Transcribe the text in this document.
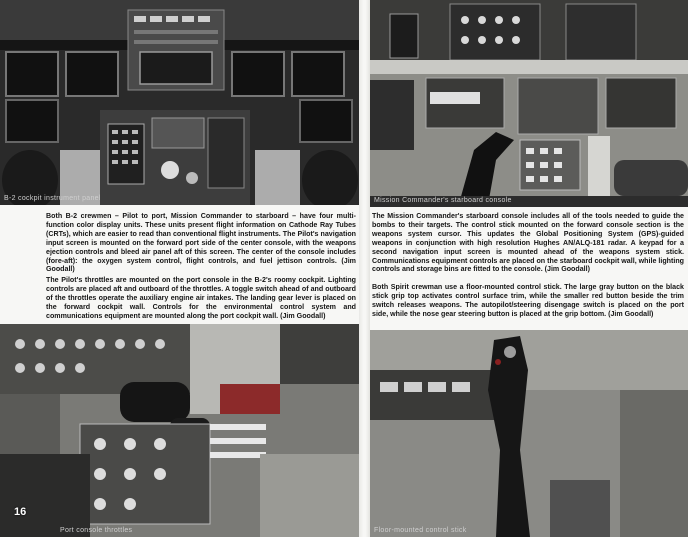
B-2 cockpit instrument panel	Mission Commander's starboard console

Both B-2 crewmen – Pilot to port, Mission Commander to starboard – have four multi-function color display units. These units present flight information on Cathode Ray Tubes (CRTs), which are easier to read than conventional flight instruments. The Pilot's navigation input screen is mounted on the forward port side of the center console, with the weapons ejection controls and bleed air panel aft of this screen. The center of the console includes (fore-aft): the oxygen system control, flight controls, and fuel jettison controls. (Jim Goodall)

The Pilot's throttles are mounted on the port console in the B-2's roomy cockpit. Lighting controls are placed aft and outboard of the throttles. A toggle switch ahead of and outboard of the throttles operate the auxiliary engine air intakes. The landing gear lever is placed on the forward cockpit wall. Controls for the environmental control system and communications equipment are mounted along the port cockpit wall. (Jim Goodall)

The Mission Commander's starboard console includes all of the tools needed to guide the bombs to their targets. The control stick mounted on the forward console section is the weapons system cursor. This updates the Global Positioning System (GPS)-guided weapons in conjunction with high resolution Hughes AN/ALQ-181 radar. A keypad for a second navigation input screen is mounted ahead of the weapons system stick. Communications equipment controls are placed on the starboard cockpit wall, while lighting controls and storage bins are fitted to the console. (Jim Goodall)

Both Spirit crewman use a floor-mounted control stick. The large gray button on the black stick grip top activates control surface trim, while the smaller red button beside the trim switch releases weapons. The autopilot/steering disengage switch is placed on the port side, while the nose gear steering button is placed at the grip bottom. (Jim Goodall)

Port console throttles	Floor-mounted control stick
16
